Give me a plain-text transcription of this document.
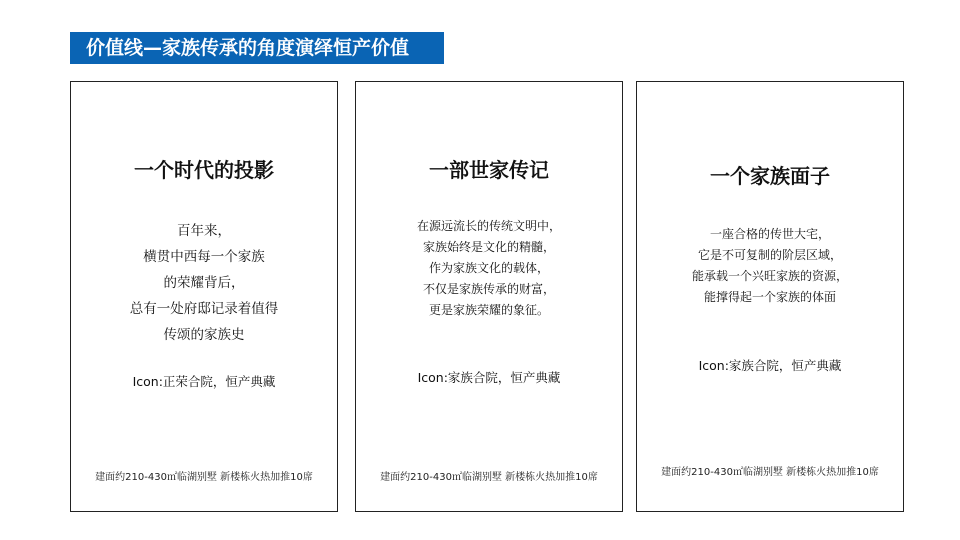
价值线—家族传承的角度演绎恒产价值
一个时代的投影
百年来，
横贯中西每一个家族
的荣耀背后，
总有一处府邸记录着值得
传颂的家族史
Icon:正荣合院，恒产典藏
建面约210-430㎡临湖别墅 新楼栋火热加推10席
一部世家传记
在源远流长的传统文明中，
家族始终是文化的精髓，
作为家族文化的载体，
不仅是家族传承的财富，
更是家族荣耀的象征。
Icon:家族合院，恒产典藏
建面约210-430㎡临湖别墅 新楼栋火热加推10席
一个家族面子
一座合格的传世大宅，
它是不可复制的阶层区域，
能承载一个兴旺家族的资源，
能撑得起一个家族的体面
Icon:家族合院，恒产典藏
建面约210-430㎡临湖别墅 新楼栋火热加推10席
